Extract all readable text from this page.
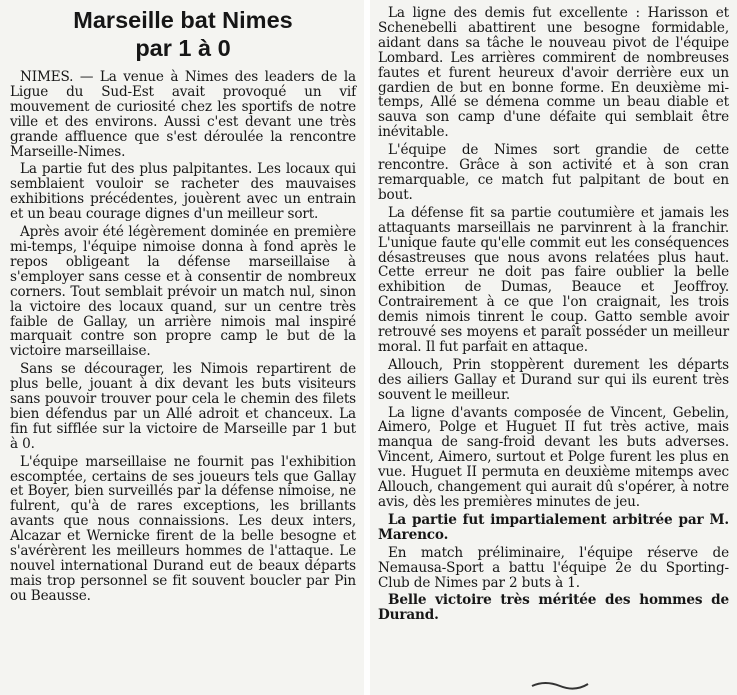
Marseille bat Nimes
par 1 à 0

NIMES. — La venue à Nimes des leaders de la Ligue du Sud-Est avait provoqué un vif mouvement de curiosité chez les sportifs de notre ville et des environs. Aussi c'est devant une très grande affluence que s'est déroulée la rencontre Marseille-Nimes.

La partie fut des plus palpitantes. Les locaux qui semblaient vouloir se racheter des mauvaises exhibitions précédentes, jouèrent avec un entrain et un beau courage dignes d'un meilleur sort.

Après avoir été légèrement dominée en première mi-temps, l'équipe nimoise donna à fond après le repos obligeant la défense marseillaise à s'employer sans cesse et à consentir de nombreux corners. Tout semblait prévoir un match nul, sinon la victoire des locaux quand, sur un centre très faible de Gallay, un arrière nimois mal inspiré marquait contre son propre camp le but de la victoire marseillaise.

Sans se décourager, les Nimois repartirent de plus belle, jouant à dix devant les buts visiteurs sans pouvoir trouver pour cela le chemin des filets bien défendus par un Allé adroit et chanceux. La fin fut sifflée sur la victoire de Marseille par 1 but à 0.

L'équipe marseillaise ne fournit pas l'exhibition escomptée, certains de ses joueurs tels que Gallay et Boyer, bien surveillés par la défense nimoise, ne fulrent, qu'à de rares exceptions, les brillants avants que nous connaissions. Les deux inters, Alcazar et Wernicke firent de la belle besogne et s'avérèrent les meilleurs hommes de l'attaque. Le nouvel international Durand eut de beaux départs mais trop personnel se fit souvent boucler par Pin ou Beausse.

La ligne des demis fut excellente : Harisson et Schenebelli abattirent une besogne formidable, aidant dans sa tâche le nouveau pivot de l'équipe Lombard. Les arrières commirent de nombreuses fautes et furent heureux d'avoir derrière eux un gardien de but en bonne forme. En deuxième mi-temps, Allé se démena comme un beau diable et sauva son camp d'une défaite qui semblait être inévitable.

L'équipe de Nimes sort grandie de cette rencontre. Grâce à son activité et à son cran remarquable, ce match fut palpitant de bout en bout.

La défense fit sa partie coutumière et jamais les attaquants marseillais ne parvinrent à la franchir. L'unique faute qu'elle commit eut les conséquences désastreuses que nous avons relatées plus haut. Cette erreur ne doit pas faire oublier la belle exhibition de Dumas, Beauce et Jeoffroy. Contrairement à ce que l'on craignait, les trois demis nimois tinrent le coup. Gatto semble avoir retrouvé ses moyens et paraît posséder un meilleur moral. Il fut parfait en attaque.

Allouch, Prin stoppèrent durement les départs des ailiers Gallay et Durand sur qui ils eurent très souvent le meilleur.

La ligne d'avants composée de Vincent, Gebelin, Aimero, Polge et Huguet II fut très active, mais manqua de sang-froid devant les buts adverses. Vincent, Aimero, surtout et Polge furent les plus en vue. Huguet II permuta en deuxième mitemps avec Allouch, changement qui aurait dû s'opérer, à notre avis, dès les premières minutes de jeu.

La partie fut impartialement arbitrée par M. Marenco.

En match préliminaire, l'équipe réserve de Nemausa-Sport a battu l'équipe 2e du Sporting-Club de Nimes par 2 buts à 1.

Belle victoire très méritée des hommes de Durand.
